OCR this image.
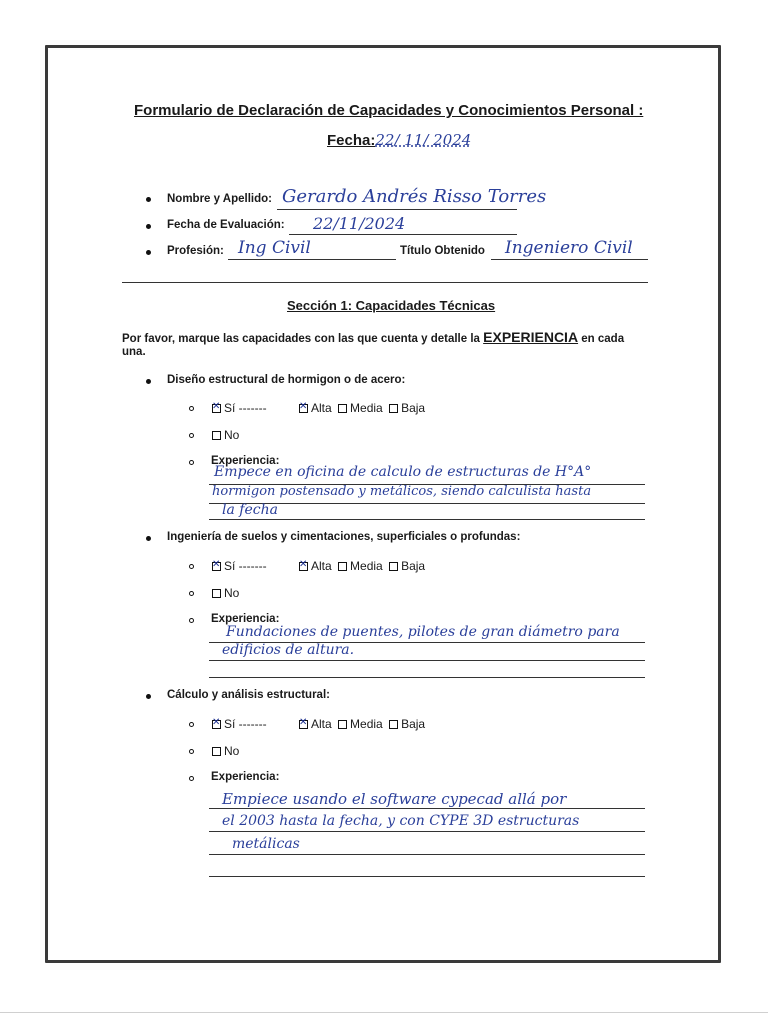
Formulario de Declaración de Capacidades y Conocimientos Personal :
Fecha:22/ 11/ 2024
Nombre y Apellido: Gerardo Andrés Risso Torres
Fecha de Evaluación: 22/11/2024
Profesión: Ing Civil	Título Obtenido Ingeniero Civil
Sección 1: Capacidades Técnicas
Por favor, marque las capacidades con las que cuenta y detalle la EXPERIENCIA en cada
una.
Diseño estructural de hormigon o de acero:
✕Sí ------- ✕	Alta Media Baja
No
Experiencia:
Empece en oficina de calculo de estructuras de H°A°
hormigon postensado y metálicos, siendo calculista hasta
la fecha
Ingeniería de suelos y cimentaciones, superficiales o profundas:
✕Sí ------- ✕	Alta Media Baja
No
Experiencia:
Fundaciones de puentes, pilotes de gran diámetro para
edificios de altura.
Cálculo y análisis estructural:
✕Sí ------- ✕	Alta Media Baja
No
Experiencia:
Empiece usando el software cypecad allá por
el 2003 hasta la fecha, y con CYPE 3D estructuras
metálicas
